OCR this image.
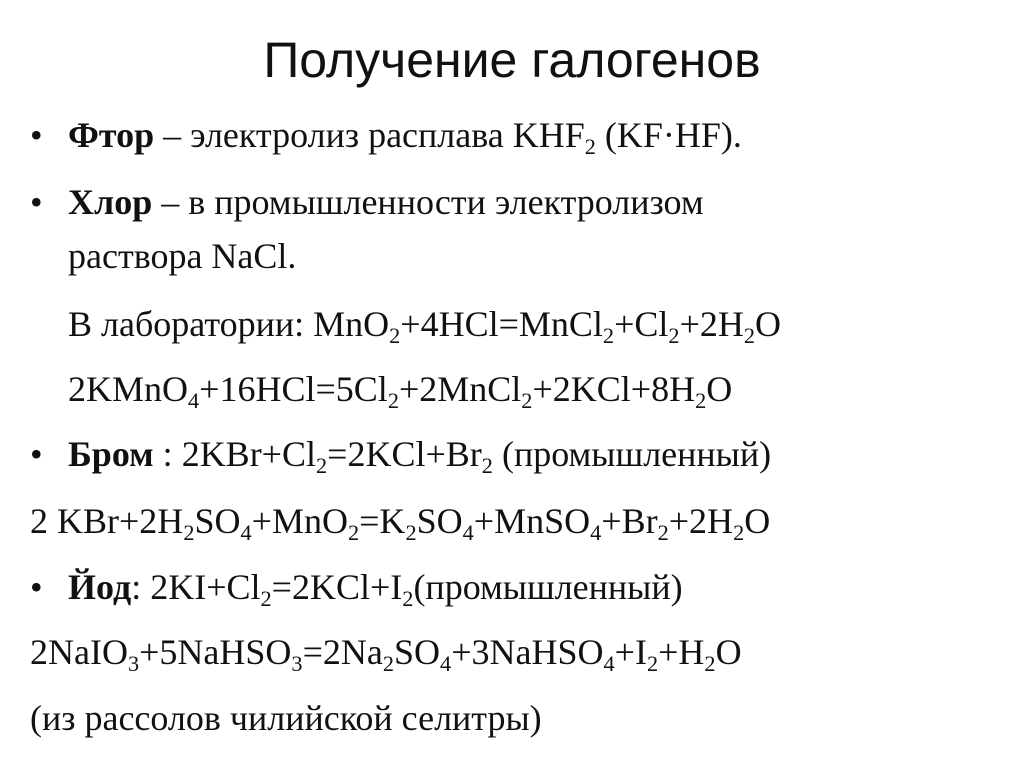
Получение галогенов
• Фтор – электролиз расплава $KHF_2$ (KF·HF).
• Хлор – в промышленности электролизом
раствора NaCl.
В лаборатории: $MnO_2+4HCl=MnCl_2+Cl_2+2H_2O$
$2KMnO_4+16HCl=5Cl_2+2MnCl_2+2KCl+8H_2O$
• Бром : $2KBr+Cl_2=2KCl+Br_2$ (промышленный)
2 $KBr+2H_2SO_4+MnO_2=K_2SO_4+MnSO_4+Br_2+2H_2O$
• Йод: $2KI+Cl_2=2KCl+I_2(промышленный)$
$2NaIO_3+5NaHSO_3=2Na_2SO_4+3NaHSO_4+I_2+H_2O$
(из рассолов чилийской селитры)
